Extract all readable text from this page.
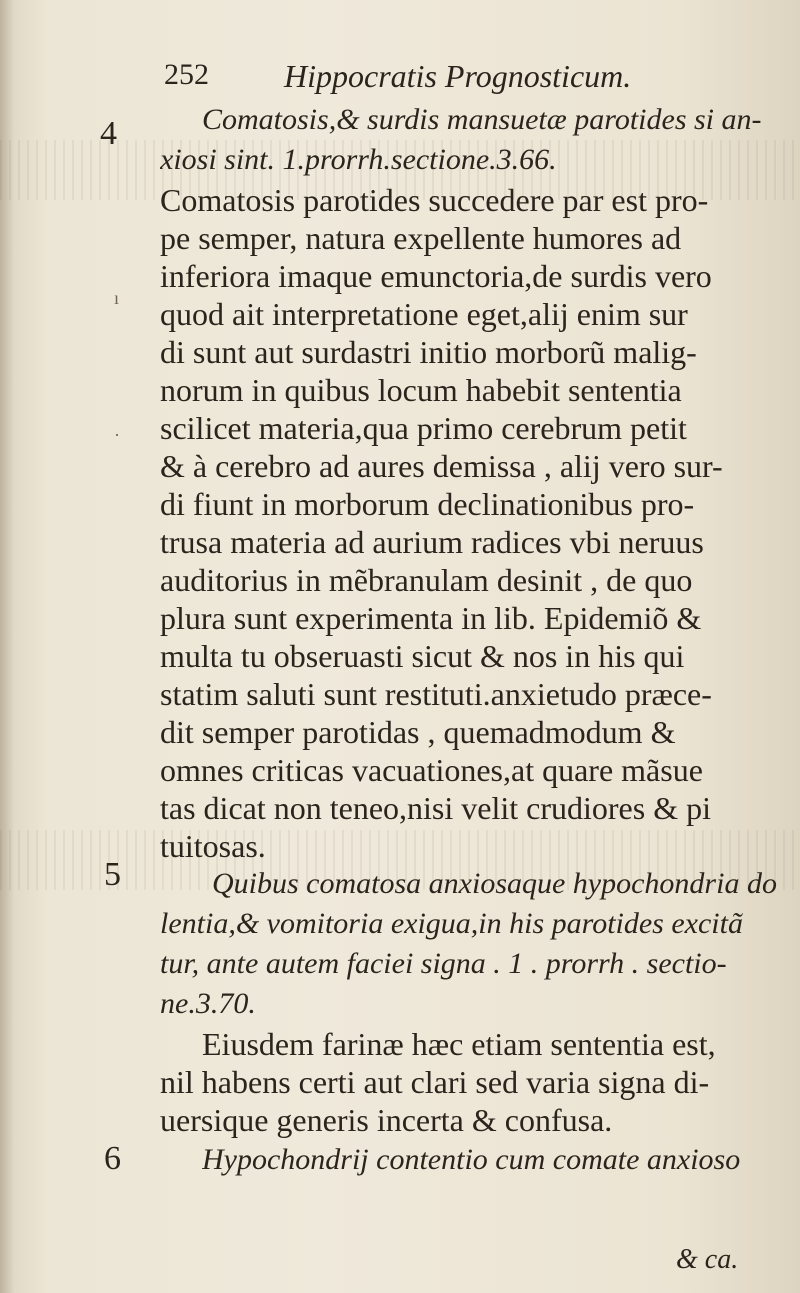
252 Hippocratis Prognosticum.
4
ı
·
5
6
Comatosis,& surdis mansuetæ parotides si an-
xiosi sint. 1.prorrh.sectione.3.66.
Comatosis parotides succedere par est pro-
pe semper, natura expellente humores ad
inferiora imaque emunctoria,de surdis vero
quod ait interpretatione eget,alij enim sur
di sunt aut surdastri initio morborũ malig-
norum in quibus locum habebit sententia
scilicet materia,qua primo cerebrum petit
& à cerebro ad aures demissa , alij vero sur-
di fiunt in morborum declinationibus pro-
trusa materia ad aurium radices vbi neruus
auditorius in mẽbranulam desinit , de quo
plura sunt experimenta in lib. Epidemiõ &
multa tu obseruasti sicut & nos in his qui
statim saluti sunt restituti.anxietudo præce-
dit semper parotidas , quemadmodum &
omnes criticas vacuationes,at quare mãsue
tas dicat non teneo,nisi velit crudiores & pi
tuitosas.
Quibus comatosa anxiosaque hypochondria do
lentia,& vomitoria exigua,in his parotides excitã
tur, ante autem faciei signa . 1 . prorrh . sectio-
ne.3.70.
Eiusdem farinæ hæc etiam sententia est,
nil habens certi aut clari sed varia signa di-
uersique generis incerta & confusa.
Hypochondrij contentio cum comate anxioso
& ca.
